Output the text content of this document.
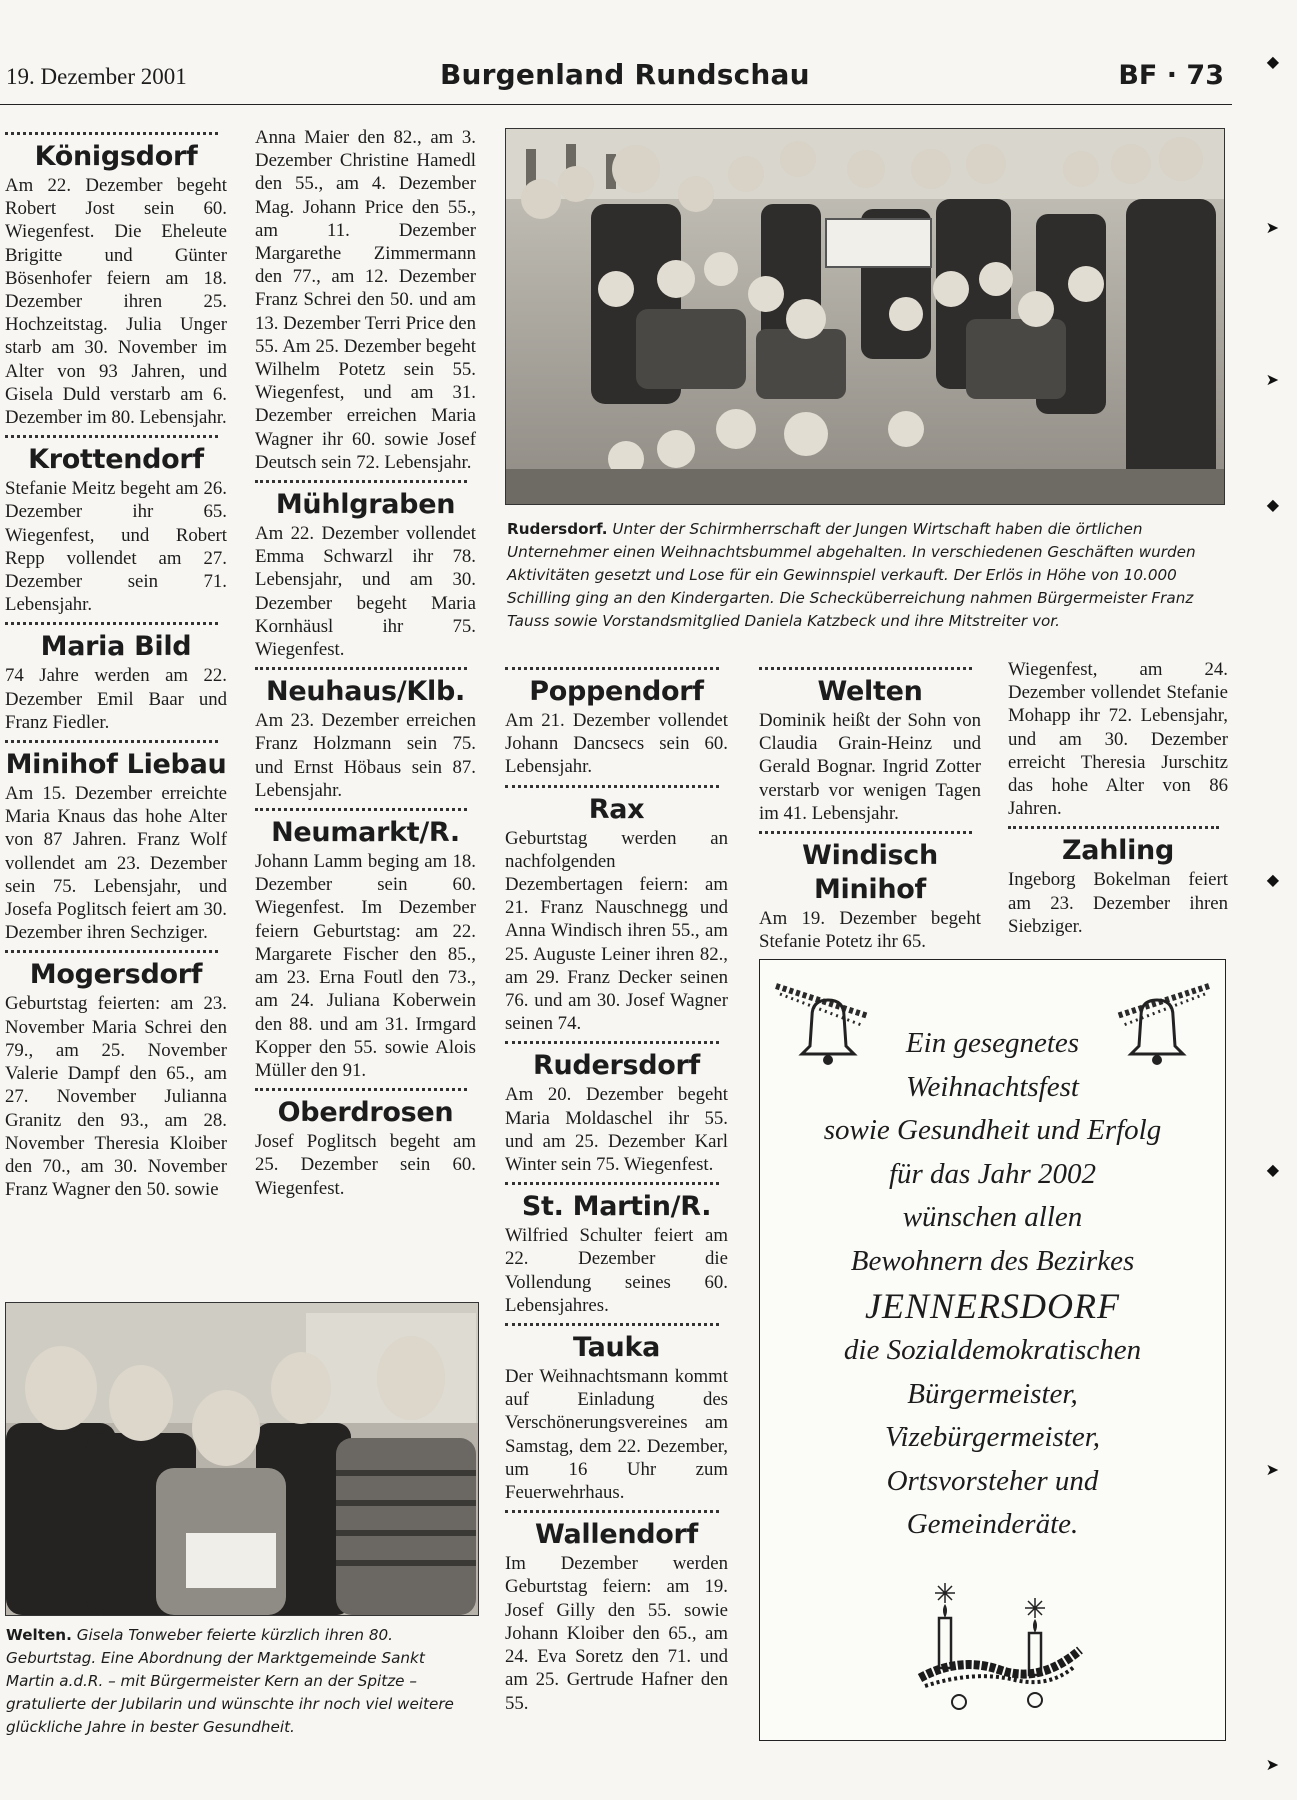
19. Dezember 2001	Burgenland Rundschau	BF · 73
Königsdorf

Am 22. Dezember begeht Robert Jost sein 60. Wiegenfest. Die Eheleute Brigitte und Günter Bösenhofer feiern am 18. Dezember ihren 25. Hochzeitstag. Julia Unger starb am 30. November im Alter von 93 Jahren, und Gisela Duld verstarb am 6. Dezember im 80. Lebensjahr.

Krottendorf

Stefanie Meitz begeht am 26. Dezember ihr 65. Wiegenfest, und Robert Repp vollendet am 27. Dezember sein 71. Lebensjahr.

Maria Bild

74 Jahre werden am 22. Dezember Emil Baar und Franz Fiedler.

Minihof Liebau

Am 15. Dezember erreichte Maria Knaus das hohe Alter von 87 Jahren. Franz Wolf vollendet am 23. Dezember sein 75. Lebensjahr, und Josefa Poglitsch feiert am 30. Dezember ihren Sechziger.

Mogersdorf

Geburtstag feierten: am 23. November Maria Schrei den 79., am 25. November Valerie Dampf den 65., am 27. November Julianna Granitz den 93., am 28. November Theresia Kloiber den 70., am 30. November Franz Wagner den 50. sowie

Anna Maier den 82., am 3. Dezember Christine Hamedl den 55., am 4. Dezember Mag. Johann Price den 55., am 11. Dezember Margarethe Zimmermann den 77., am 12. Dezember Franz Schrei den 50. und am 13. Dezember Terri Price den 55. Am 25. Dezember begeht Wilhelm Potetz sein 55. Wiegenfest, und am 31. Dezember erreichen Maria Wagner ihr 60. sowie Josef Deutsch sein 72. Lebensjahr.

Mühlgraben

Am 22. Dezember vollendet Emma Schwarzl ihr 78. Lebensjahr, und am 30. Dezember begeht Maria Kornhäusl ihr 75. Wiegenfest.

Neuhaus/Klb.

Am 23. Dezember erreichen Franz Holzmann sein 75. und Ernst Höbaus sein 87. Lebensjahr.

Neumarkt/R.

Johann Lamm beging am 18. Dezember sein 60. Wiegenfest. Im Dezember feiern Geburtstag: am 22. Margarete Fischer den 85., am 23. Erna Foutl den 73., am 24. Juliana Koberwein den 88. und am 31. Irmgard Kopper den 55. sowie Alois Müller den 91.

Oberdrosen

Josef Poglitsch begeht am 25. Dezember sein 60. Wiegenfest.

Rudersdorf. Unter der Schirmherrschaft der Jungen Wirtschaft haben die örtlichen Unternehmer einen Weihnachtsbummel abgehalten. In verschiedenen Geschäften wurden Aktivitäten gesetzt und Lose für ein Gewinnspiel verkauft. Der Erlös in Höhe von 10.000 Schilling ging an den Kindergarten. Die Schecküberreichung nahmen Bürgermeister Franz Tauss sowie Vorstandsmitglied Daniela Katzbeck und ihre Mitstreiter vor.
Poppendorf

Am 21. Dezember vollendet Johann Dancsecs sein 60. Lebensjahr.

Rax

Geburtstag werden an nachfolgenden Dezembertagen feiern: am 21. Franz Nauschnegg und Anna Windisch ihren 55., am 25. Auguste Leiner ihren 82., am 29. Franz Decker seinen 76. und am 30. Josef Wagner seinen 74.

Rudersdorf

Am 20. Dezember begeht Maria Moldaschel ihr 55. und am 25. Dezember Karl Winter sein 75. Wiegenfest.

St. Martin/R.

Wilfried Schulter feiert am 22. Dezember die Vollendung seines 60. Lebensjahres.

Tauka

Der Weihnachtsmann kommt auf Einladung des Verschönerungsvereines am Samstag, dem 22. Dezember, um 16 Uhr zum Feuerwehrhaus.

Wallendorf

Im Dezember werden Geburtstag feiern: am 19. Josef Gilly den 55. sowie Johann Kloiber den 65., am 24. Eva Soretz den 71. und am 25. Gertrude Hafner den 55.

Welten

Dominik heißt der Sohn von Claudia Grain-Heinz und Gerald Bognar. Ingrid Zotter verstarb vor wenigen Tagen im 41. Lebensjahr.

Windisch Minihof

Am 19. Dezember begeht Stefanie Potetz ihr 65.

Wiegenfest, am 24. Dezember vollendet Stefanie Mohapp ihr 72. Lebensjahr, und am 30. Dezember erreicht Theresia Jurschitz das hohe Alter von 86 Jahren.

Zahling

Ingeborg Bokelman feiert am 23. Dezember ihren Siebziger.

Welten. Gisela Tonweber feierte kürzlich ihren 80. Geburtstag. Eine Abordnung der Marktgemeinde Sankt Martin a.d.R. – mit Bürgermeister Kern an der Spitze – gratulierte der Jubilarin und wünschte ihr noch viel weitere glückliche Jahre in bester Gesundheit.
Ein gesegnetes
Weihnachtsfest
sowie Gesundheit und Erfolg
für das Jahr 2002
wünschen allen
Bewohnern des Bezirkes
JENNERSDORF
die Sozialdemokratischen
Bürgermeister,
Vizebürgermeister,
Ortsvorsteher und
Gemeinderäte.
◆
➤
➤
◆
◆
◆
➤
➤
